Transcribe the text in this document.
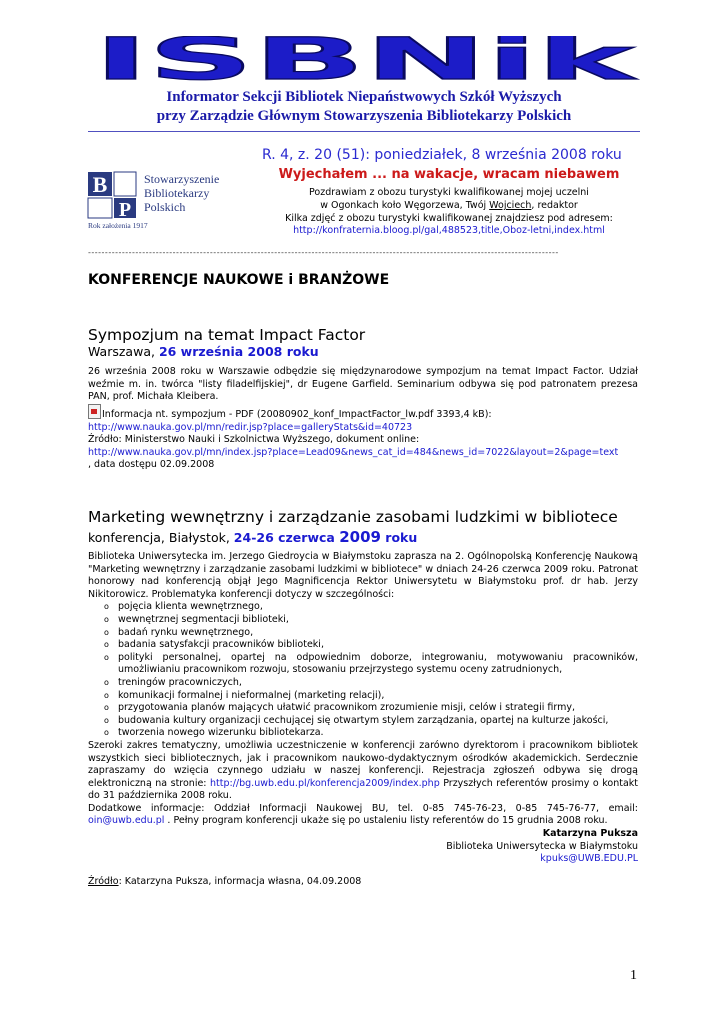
ISBNik
Informator Sekcji Bibliotek Niepaństwowych Szkół Wyższych
przy Zarządzie Głównym Stowarzyszenia Bibliotekarzy Polskich
R. 4, z. 20 (51): poniedziałek, 8 września 2008 roku
B
P
Stowarzyszenie
Bibliotekarzy
Polskich
Rok założenia 1917
Wyjechałem ... na wakacje, wracam niebawem
Pozdrawiam z obozu turystyki kwalifikowanej mojej uczelni
w Ogonkach koło Węgorzewa, Twój Wojciech, redaktor
Kilka zdjęć z obozu turystyki kwalifikowanej znajdziesz pod adresem:
http://konfraternia.bloog.pl/gal,488523,title,Oboz-letni,index.html
-------------------------------------------------------------------------------------------------------------------------------------------
KONFERENCJE NAUKOWE i BRANŻOWE
Sympozjum na temat Impact Factor
Warszawa, 26 września 2008 roku
26 września 2008 roku w Warszawie odbędzie się międzynarodowe sympozjum na temat Impact Factor. Udział weźmie m. in. twórca "listy filadelfijskiej", dr Eugene Garfield. Seminarium odbywa się pod patronatem prezesa PAN, prof. Michała Kleibera.
Informacja nt. sympozjum - PDF (20080902_konf_ImpactFactor_lw.pdf 3393,4 kB):
http://www.nauka.gov.pl/mn/redir.jsp?place=galleryStats&id=40723
Źródło: Ministerstwo Nauki i Szkolnictwa Wyższego, dokument online:
http://www.nauka.gov.pl/mn/index.jsp?place=Lead09&news_cat_id=484&news_id=7022&layout=2&page=text
, data dostępu 02.09.2008
Marketing wewnętrzny i zarządzanie zasobami ludzkimi w bibliotece
konferencja, Białystok, 24-26 czerwca 2009 roku
Biblioteka Uniwersytecka im. Jerzego Giedroycia w Białymstoku zaprasza na 2. Ogólnopolską Konferencję Naukową "Marketing wewnętrzny i zarządzanie zasobami ludzkimi w bibliotece" w dniach 24-26 czerwca 2009 roku. Patronat honorowy nad konferencją objął Jego Magnificencja Rektor Uniwersytetu w Białymstoku prof. dr hab. Jerzy Nikitorowicz. Problematyka konferencji dotyczy w szczególności:
o pojęcia klienta wewnętrznego,
o wewnętrznej segmentacji biblioteki,
o badań rynku wewnętrznego,
o badania satysfakcji pracowników biblioteki,
o polityki personalnej, opartej na odpowiednim doborze, integrowaniu, motywowaniu pracowników, umożliwianiu pracownikom rozwoju, stosowaniu przejrzystego systemu oceny zatrudnionych,
o treningów pracowniczych,
o komunikacji formalnej i nieformalnej (marketing relacji),
o przygotowania planów mających ułatwić pracownikom zrozumienie misji, celów i strategii firmy,
o budowania kultury organizacji cechującej się otwartym stylem zarządzania, opartej na kulturze jakości,
o tworzenia nowego wizerunku bibliotekarza.
Szeroki zakres tematyczny, umożliwia uczestniczenie w konferencji zarówno dyrektorom i pracownikom bibliotek wszystkich sieci bibliotecznych, jak i pracownikom naukowo-dydaktycznym ośrodków akademickich. Serdecznie zapraszamy do wzięcia czynnego udziału w naszej konferencji. Rejestracja zgłoszeń odbywa się drogą elektroniczną na stronie: http://bg.uwb.edu.pl/konferencja2009/index.php Przyszłych referentów prosimy o kontakt do 31 października 2008 roku.
Dodatkowe informacje: Oddział Informacji Naukowej BU, tel. 0-85 745-76-23, 0-85 745-76-77, email: oin@uwb.edu.pl . Pełny program konferencji ukaże się po ustaleniu listy referentów do 15 grudnia 2008 roku.
Katarzyna Puksza
Biblioteka Uniwersytecka w Białymstoku
kpuks@UWB.EDU.PL
Źródło: Katarzyna Puksza, informacja własna, 04.09.2008
1
